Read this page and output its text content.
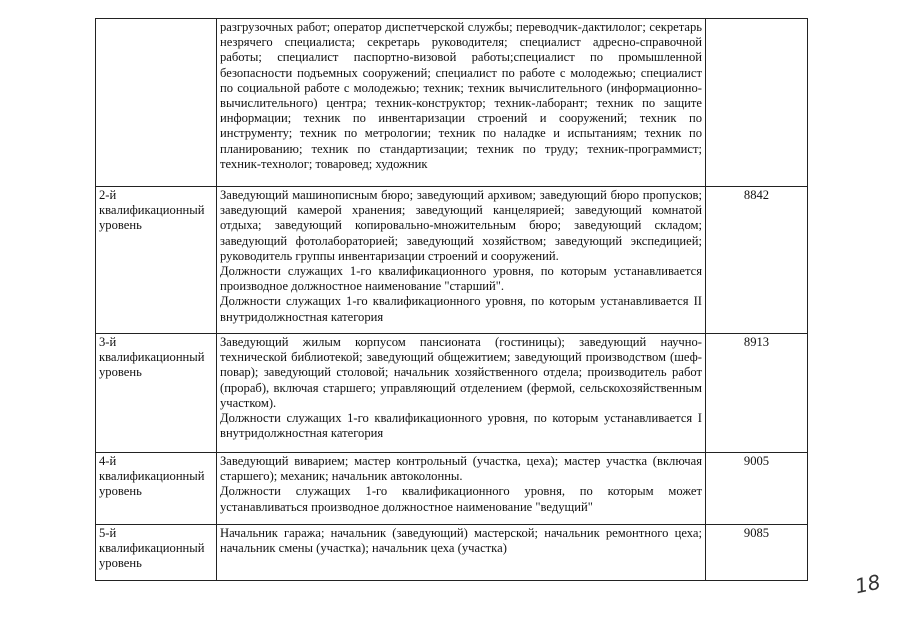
	разгрузочных работ; оператор диспетчерской службы; переводчик-дактилолог; секретарь незрячего специалиста; секретарь руководителя; специалист адресно-справочной работы; специалист паспортно-визовой работы;специалист по промышленной безопасности подъемных сооружений; специалист по работе с молодежью; специалист по социальной работе с молодежью; техник; техник вычислительного (информационно-вычислительного) центра; техник-конструктор; техник-лаборант; техник по защите информации; техник по инвентаризации строений и сооружений; техник по инструменту; техник по метрологии; техник по наладке и испытаниям; техник по планированию; техник по стандартизации; техник по труду; техник-программист; техник-технолог; товаровед; художник	

2-й квалификационный уровень	Заведующий машинописным бюро; заведующий архивом; заведующий бюро пропусков; заведующий камерой хранения; заведующий канцелярией; заведующий комнатой отдыха; заведующий копировально-множительным бюро; заведующий складом; заведующий фотолабораторией; заведующий хозяйством; заведующий экспедицией; руководитель группы инвентаризации строений и сооружений.
Должности служащих 1-го квалификационного уровня, по которым устанавливается производное должностное наименование "старший".
Должности служащих 1-го квалификационного уровня, по которым устанавливается II внутридолжностная категория	8842
3-й квалификационный уровень	Заведующий жилым корпусом пансионата (гостиницы); заведующий научно-технической библиотекой; заведующий общежитием; заведующий производством (шеф-повар); заведующий столовой; начальник хозяйственного отдела; производитель работ (прораб), включая старшего; управляющий отделением (фермой, сельскохозяйственным участком).
Должности служащих 1-го квалификационного уровня, по которым устанавливается I внутридолжностная категория	8913
4-й квалификационный уровень	Заведующий виварием; мастер контрольный (участка, цеха); мастер участка (включая старшего); механик; начальник автоколонны.
Должности служащих 1-го квалификационного уровня, по которым может устанавливаться производное должностное наименование "ведущий"	9005
5-й квалификационный уровень	Начальник гаража; начальник (заведующий) мастерской; начальник ремонтного цеха; начальник смены (участка); начальник цеха (участка)	9085
18
